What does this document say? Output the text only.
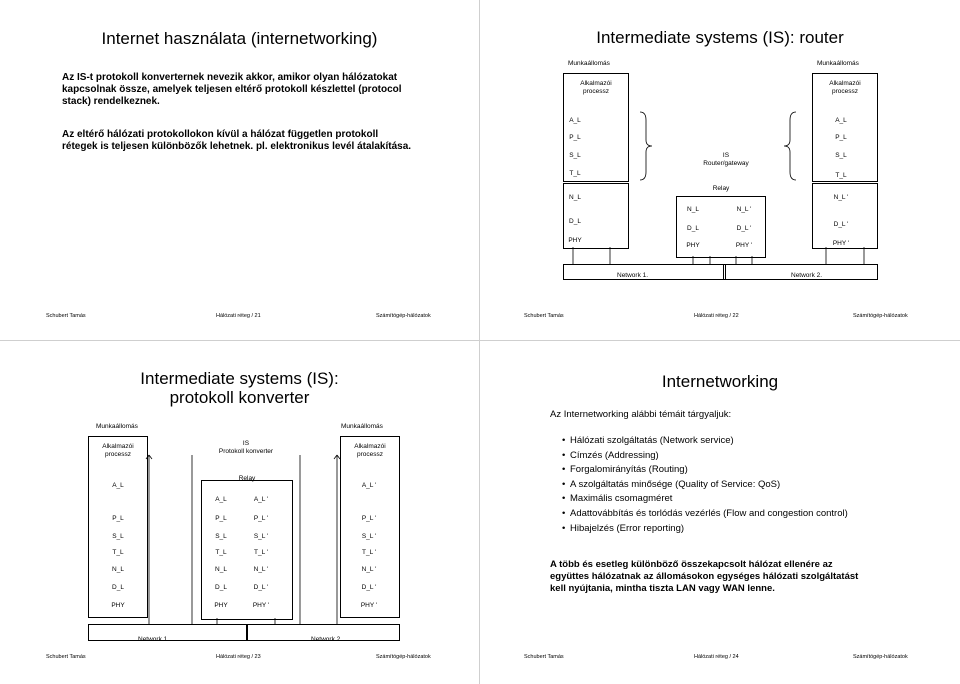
Internet használata (internetworking)
Az IS-t protokoll konverternek nevezik akkor, amikor olyan hálózatokat
kapcsolnak össze, amelyek teljesen eltérő protokoll készlettel (protocol
stack) rendelkeznek.
Az eltérő hálózati protokollokon kívül a hálózat független protokoll
rétegek is teljesen különbözők lehetnek. pl. elektronikus levél átalakítása.
Schubert Tamás	Hálózati réteg / 21	Számítógép-hálózatok
Intermediate systems (IS): router
Munkaállomás	Munkaállomás
Alkalmazói
processz
A_L
P_L
S_L
T_L
N_L
D_L
PHY
IS
Router/gateway
Relay
N_L
D_L
PHY
N_L '
D_L '
PHY '
Alkalmazói
processz
A_L
P_L
S_L
T_L
N_L '
D_L '
PHY '
Network 1.	Network 2.
Schubert Tamás	Hálózati réteg / 22	Számítógép-hálózatok
Intermediate systems (IS):
protokoll konverter
Munkaállomás	Munkaállomás
Alkalmazói
processz
A_L
P_L
S_L
T_L
N_L
D_L
PHY
IS
Protokoll konverter
Relay
A_L
P_L
S_L
T_L
N_L
D_L
PHY
A_L '
P_L '
S_L '
T_L '
N_L '
D_L '
PHY '
Alkalmazói
processz
A_L '
P_L '
S_L '
T_L '
N_L '
D_L '
PHY '
Network 1.	Network 2.
Schubert Tamás	Hálózati réteg / 23	Számítógép-hálózatok
Internetworking
Az Internetworking alábbi témáit tárgyaljuk:
• Hálózati szolgáltatás (Network service)
• Címzés (Addressing)
• Forgalomirányítás (Routing)
• A szolgáltatás minősége (Quality of Service: QoS)
• Maximális csomagméret
• Adattovábbítás és torlódás vezérlés (Flow and congestion control)
• Hibajelzés (Error reporting)
A több és esetleg különböző összekapcsolt hálózat ellenére az
együttes hálózatnak az állomásokon egységes hálózati szolgáltatást
kell nyújtania, mintha tiszta LAN vagy WAN lenne.
Schubert Tamás	Hálózati réteg / 24	Számítógép-hálózatok
